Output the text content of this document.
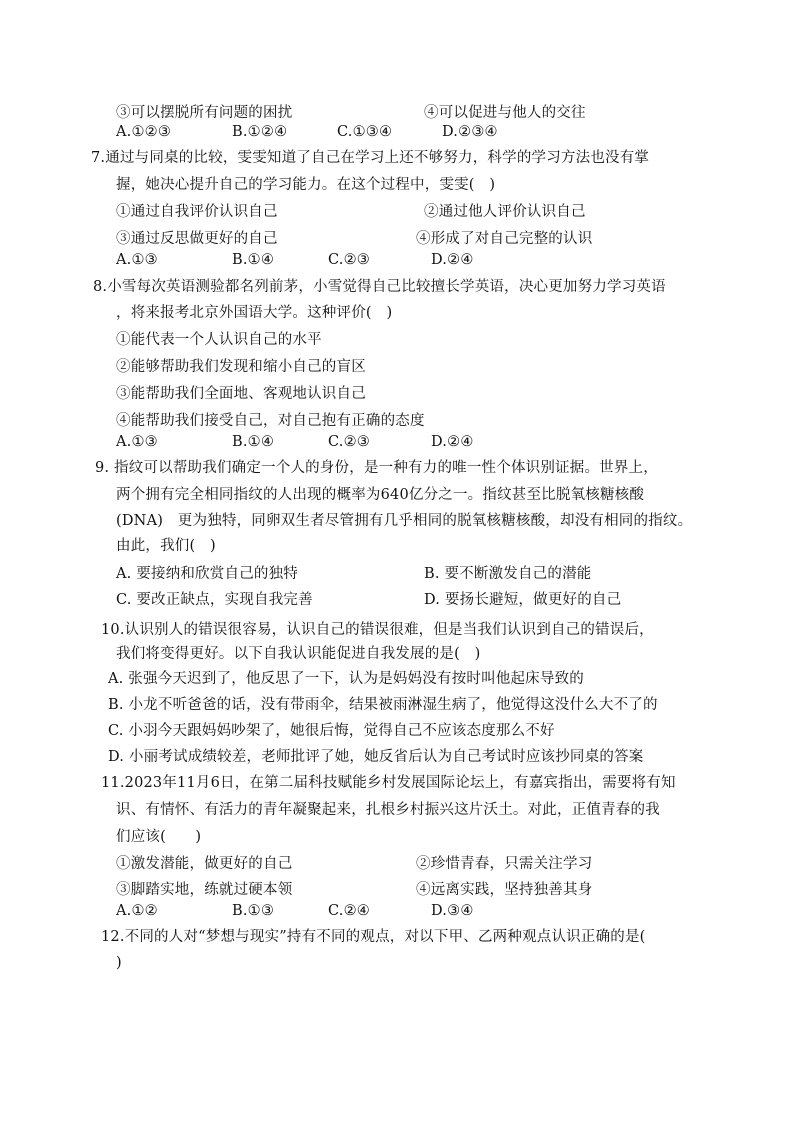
③可以摆脱所有问题的困扰	④可以促进与他人的交往
A.①②③	B.①②④	C.①③④	D.②③④
7.通过与同桌的比较，雯雯知道了自己在学习上还不够努力，科学的学习方法也没有掌
握，她决心提升自己的学习能力。在这个过程中，雯雯(　)
①通过自我评价认识自己	②通过他人评价认识自己
③通过反思做更好的自己	④形成了对自己完整的认识
A.①③	B.①④	C.②③	D.②④
8.小雪每次英语测验都名列前茅，小雪觉得自己比较擅长学英语，决心更加努力学习英语
，将来报考北京外国语大学。这种评价(　)
①能代表一个人认识自己的水平
②能够帮助我们发现和缩小自己的盲区
③能帮助我们全面地、客观地认识自己
④能帮助我们接受自己，对自己抱有正确的态度
A.①③	B.①④	C.②③	D.②④
9. 指纹可以帮助我们确定一个人的身份，是一种有力的唯一性个体识别证据。世界上，
两个拥有完全相同指纹的人出现的概率为640亿分之一。指纹甚至比脱氧核糖核酸
(DNA)　更为独特，同卵双生者尽管拥有几乎相同的脱氧核糖核酸，却没有相同的指纹。
由此，我们(　)
A. 要接纳和欣赏自己的独特	B. 要不断激发自己的潜能
C. 要改正缺点，实现自我完善	D. 要扬长避短，做更好的自己
10.认识别人的错误很容易，认识自己的错误很难，但是当我们认识到自己的错误后，
我们将变得更好。以下自我认识能促进自我发展的是(　)
A. 张强今天迟到了，他反思了一下，认为是妈妈没有按时叫他起床导致的
B. 小龙不听爸爸的话，没有带雨伞，结果被雨淋湿生病了，他觉得这没什么大不了的
C. 小羽今天跟妈妈吵架了，她很后悔，觉得自己不应该态度那么不好
D. 小丽考试成绩较差，老师批评了她，她反省后认为自己考试时应该抄同桌的答案
11.2023年11月6日，在第二届科技赋能乡村发展国际论坛上，有嘉宾指出，需要将有知
识、有情怀、有活力的青年凝聚起来，扎根乡村振兴这片沃土。对此，正值青春的我
们应该(　　)
①激发潜能，做更好的自己	②珍惜青春，只需关注学习
③脚踏实地，练就过硬本领	④远离实践，坚持独善其身
A.①②	B.①③	C.②④	D.③④
12.不同的人对“梦想与现实”持有不同的观点，对以下甲、乙两种观点认识正确的是(
)
